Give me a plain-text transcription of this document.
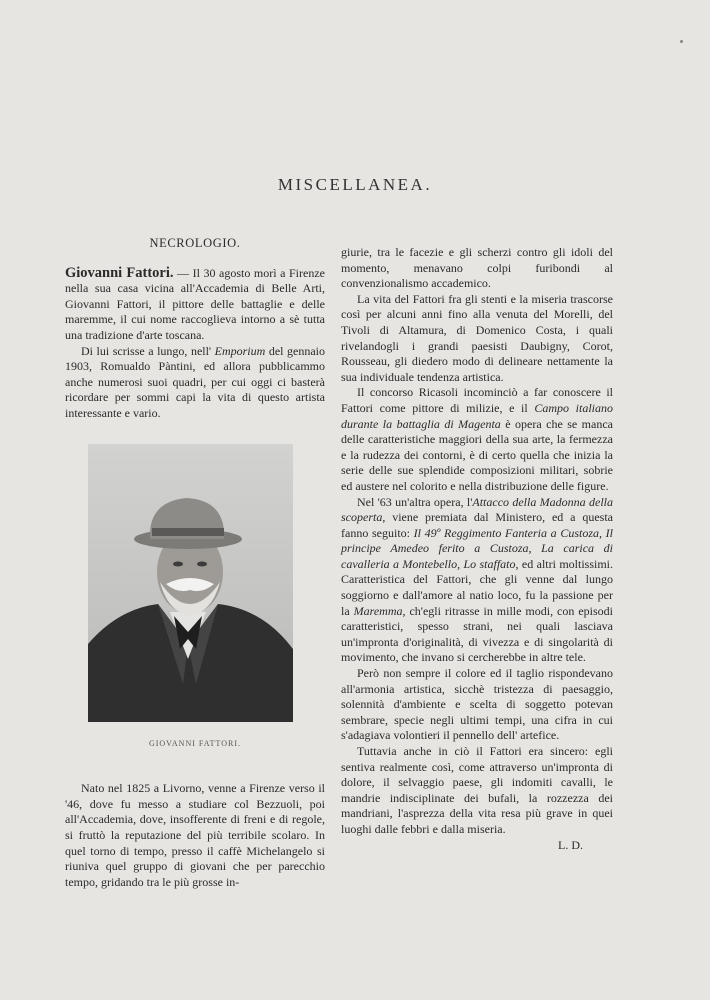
MISCELLANEA.
NECROLOGIO.

Giovanni Fattori. — Il 30 agosto morì a Firenze nella sua casa vicina all'Accademia di Belle Arti, Giovanni Fattori, il pittore delle battaglie e delle maremme, il cui nome raccoglieva intorno a sè tutta una tradizione d'arte toscana.

Di lui scrisse a lungo, nell' Emporium del gennaio 1903, Romualdo Pàntini, ed allora pubblicammo anche numerosi suoi quadri, per cui oggi ci basterà ricordare per sommi capi la vita di questo artista interessante e vario.

GIOVANNI FATTORI.

Nato nel 1825 a Livorno, venne a Firenze verso il '46, dove fu messo a studiare col Bezzuoli, poi all'Accademia, dove, insofferente di freni e di regole, si fruttò la reputazione del più terribile scolaro. In quel torno di tempo, presso il caffè Michelangelo si riuniva quel gruppo di giovani che per parecchio tempo, gridando tra le più grosse in-

giurie, tra le facezie e gli scherzi contro gli idoli del momento, menavano colpi furibondi al convenzionalismo accademico.

La vita del Fattori fra gli stenti e la miseria trascorse così per alcuni anni fino alla venuta del Morelli, del Tivoli di Altamura, di Domenico Costa, i quali rivelandogli i grandi paesisti Daubigny, Corot, Rousseau, gli diedero modo di delineare nettamente la sua individuale tendenza artistica.

Il concorso Ricasoli incominciò a far conoscere il Fattori come pittore di milizie, e il Campo italiano durante la battaglia di Magenta è opera che se manca delle caratteristiche maggiori della sua arte, la fermezza e la rudezza dei contorni, è di certo quella che inizia la serie delle sue splendide composizioni militari, sobrie ed austere nel colorito e nella distribuzione delle figure.

Nel '63 un'altra opera, l'Attacco della Madonna della scoperta, viene premiata dal Ministero, ed a questa fanno seguito: Il 49º Reggimento Fanteria a Custoza, Il principe Amedeo ferito a Custoza, La carica di cavalleria a Montebello, Lo staffato, ed altri moltissimi. Caratteristica del Fattori, che gli venne dal lungo soggiorno e dall'amore al natio loco, fu la passione per la Maremma, ch'egli ritrasse in mille modi, con episodi caratteristici, spesso strani, nei quali lasciava un'impronta d'originalità, di vivezza e di singolarità di movimento, che invano si cercherebbe in altre tele.

Però non sempre il colore ed il taglio rispondevano all'armonia artistica, sicchè tristezza di paesaggio, solennità d'ambiente e scelta di soggetto potevan sembrare, specie negli ultimi tempi, una cifra in cui s'adagiava volontieri il pennello dell' artefice.

Tuttavia anche in ciò il Fattori era sincero: egli sentiva realmente così, come attraverso un'impronta di dolore, il selvaggio paese, gli indomiti cavalli, le mandrie indisciplinate dei bufali, la rozzezza dei mandriani, l'asprezza della vita resa più grave in quei luoghi dalle febbri e dalla miseria.

L. D.
